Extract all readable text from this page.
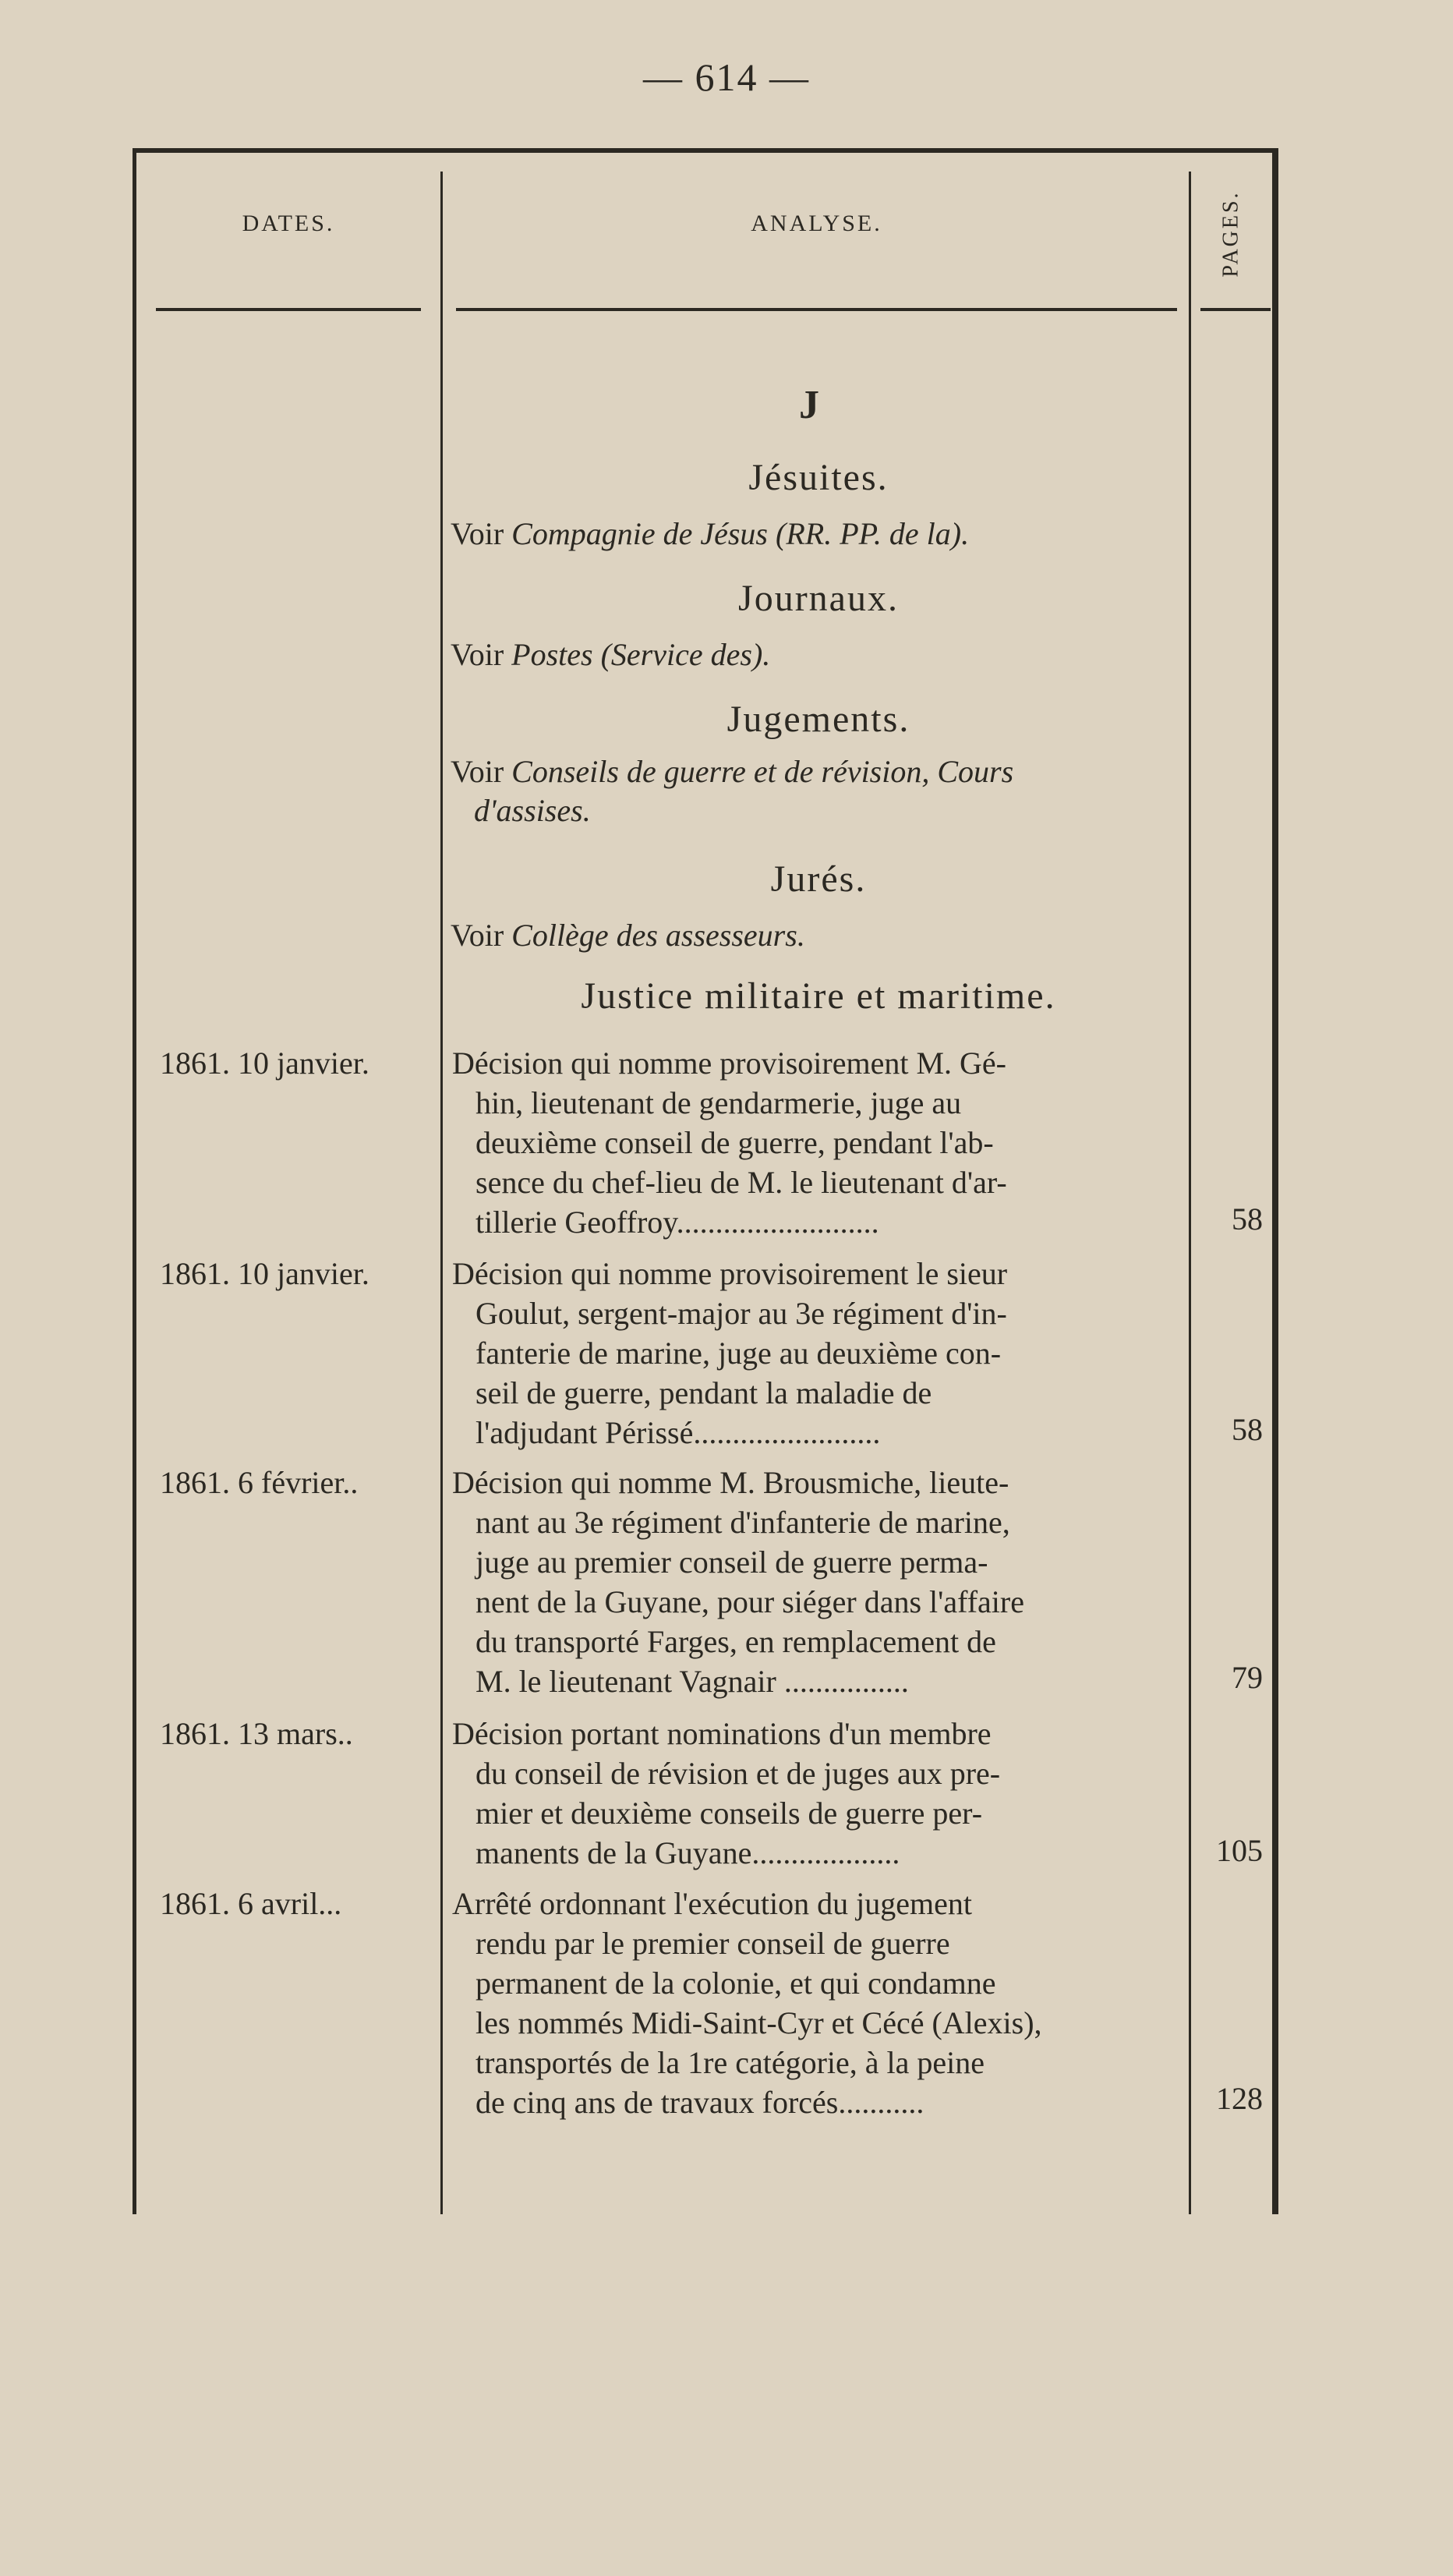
— 614 —
DATES.	ANALYSE.	PAGES.
J
Jésuites.
Voir Compagnie de Jésus (RR. PP. de la).
Journaux.
Voir Postes (Service des).
Jugements.
Voir Conseils de guerre et de révision, Cours
d'assises.
Jurés.
Voir Collège des assesseurs.
Justice militaire et maritime.
1861. 10 janvier.	Décision qui nomme provisoirement M. Gé-
hin, lieutenant de gendarmerie, juge au
deuxième conseil de guerre, pendant l'ab-
sence du chef-lieu de M. le lieutenant d'ar-
tillerie Geoffroy..........................	58
1861. 10 janvier.	Décision qui nomme provisoirement le sieur
Goulut, sergent-major au 3e régiment d'in-
fanterie de marine, juge au deuxième con-
seil de guerre, pendant la maladie de
l'adjudant Périssé........................	58
1861. 6 février..	Décision qui nomme M. Brousmiche, lieute-
nant au 3e régiment d'infanterie de marine,
juge au premier conseil de guerre perma-
nent de la Guyane, pour siéger dans l'affaire
du transporté Farges, en remplacement de
M. le lieutenant Vagnair ................	79
1861. 13 mars..	Décision portant nominations d'un membre
du conseil de révision et de juges aux pre-
mier et deuxième conseils de guerre per-
manents de la Guyane...................	105
1861. 6 avril...	Arrêté ordonnant l'exécution du jugement
rendu par le premier conseil de guerre
permanent de la colonie, et qui condamne
les nommés Midi-Saint-Cyr et Cécé (Alexis),
transportés de la 1re catégorie, à la peine
de cinq ans de travaux forcés...........	128
